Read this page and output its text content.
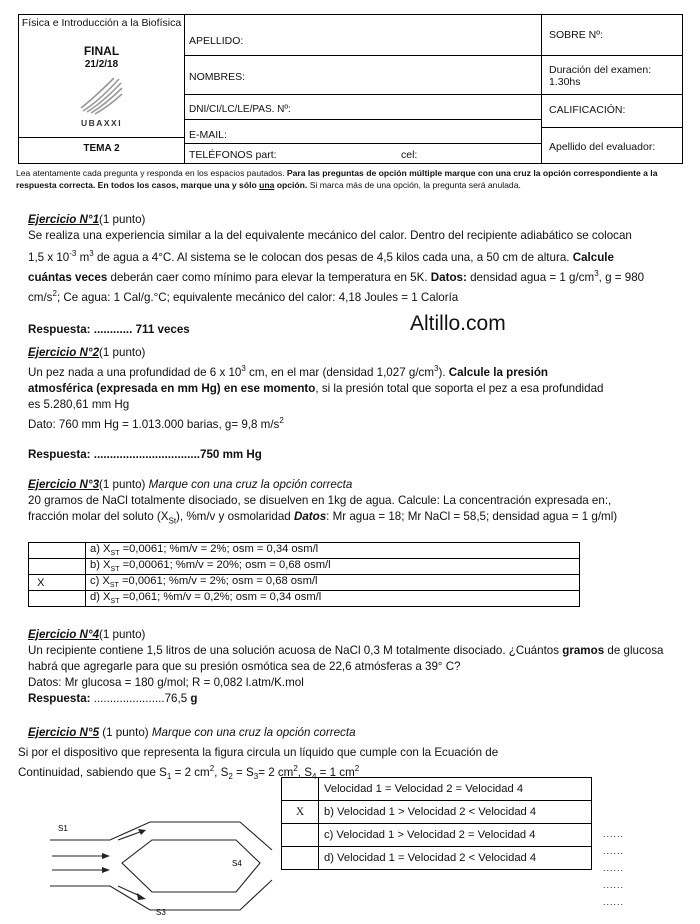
Física e Introducción a la Biofísica
FINAL
21/2/18
UBAXXI
TEMA 2
APELLIDO:
NOMBRES:
DNI/CI/LC/LE/PAS. Nº:
E-MAIL:
TELÉFONOS part:	cel:
SOBRE Nº:
Duración del examen: 1.30hs
CALIFICACIÓN:
Apellido del evaluador:
Lea atentamente cada pregunta y responda en los espacios pautados. Para las preguntas de opción múltiple marque con una cruz la opción correspondiente a la respuesta correcta. En todos los casos, marque una y sólo una opción. Si marca más de una opción, la pregunta será anulada.
Ejercicio N°1(1 punto)
Se realiza una experiencia similar a la del equivalente mecánico del calor. Dentro del recipiente adiabático se colocan
1,5 x $10^{-3}$ $m^3$ de agua a 4°C. Al sistema se le colocan dos pesas de 4,5 kilos cada una, a 50 cm de altura. Calcule
cuántas veces deberán caer como mínimo para elevar la temperatura en 5K. Datos: densidad agua = 1 $g/cm^3$, g = 980
$cm/s^2$; Ce agua: 1 Cal/g.°C; equivalente mecánico del calor: 4,18 Joules = 1 Caloría
Respuesta: ............ 711 veces	Altillo.com
Ejercicio N°2(1 punto)
Un pez nada a una profundidad de 6 x $10^3$ cm, en el mar (densidad 1,027 $g/cm^3$). Calcule la presión
atmosférica (expresada en mm Hg) en ese momento, si la presión total que soporta el pez a esa profundidad
es 5.280,61 mm Hg
Dato: 760 mm Hg = 1.013.000 barias, g= 9,8 $m/s^2$
Respuesta: .................................750 mm Hg
Ejercicio N°3(1 punto) Marque con una cruz la opción correcta
20 gramos de NaCl totalmente disociado, se disuelven en 1kg de agua. Calcule: La concentración expresada en:,
fracción molar del soluto $(X_{St})$, %m/v y osmolaridad Datos: Mr agua = 18; Mr NaCl = 58,5; densidad agua = 1 g/ml)
	a) $X_{ST} =0,0061$; %m/v = 2%; osm = 0,34 osm/l
	b) $X_{ST} =0,00061$; %m/v = 20%; osm = 0,68 osm/l
X	c) $X_{ST} =0,0061$; %m/v = 2%; osm = 0,68 osm/l
	d) $X_{ST} =0,061$; %m/v = 0,2%; osm = 0,34 osm/l
Ejercicio N°4(1 punto)
Un recipiente contiene 1,5 litros de una solución acuosa de NaCl 0,3 M totalmente disociado. ¿Cuántos gramos de glucosa
habrá que agregarle para que su presión osmótica sea de 22,6 atmósferas a 39° C?
Datos: Mr glucosa = 180 g/mol; R = 0,082 l.atm/K.mol
Respuesta: ......................76,5 g
Ejercicio N°5 (1 punto) Marque con una cruz la opción correcta
Si por el dispositivo que representa la figura circula un líquido que cumple con la Ecuación de
Continuidad, sabiendo que $S_1 = 2$ $cm^2$, $S_2 = S_3= 2$ $cm^2$, $S_4 = 1$ $cm^2$
	Velocidad 1 = Velocidad 2 = Velocidad 4
X	b) Velocidad 1 > Velocidad 2 < Velocidad 4
	c) Velocidad 1 > Velocidad 2 = Velocidad 4
	d) Velocidad 1 = Velocidad 2 < Velocidad 4
......
......
......
......
......
S1
S4
S3
